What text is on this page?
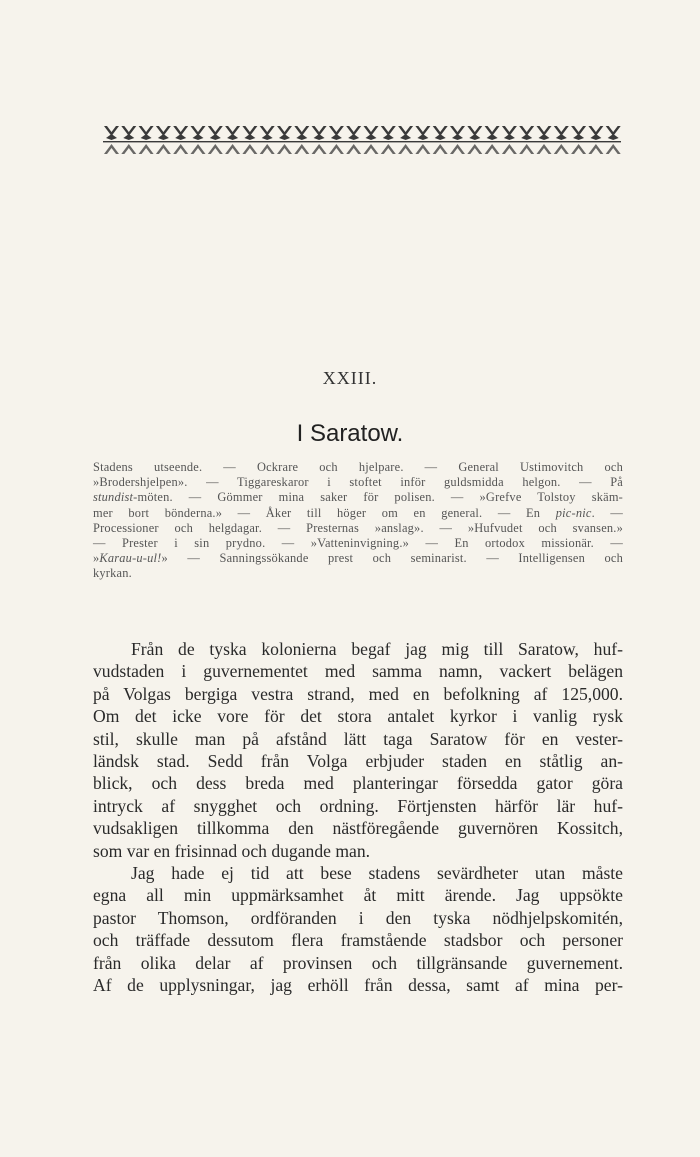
XXIII.
I Saratow.
Stadens utseende. — Ockrare och hjelpare. — General Ustimovitch och
»Brodershjelpen». — Tiggareskaror i stoftet inför guldsmidda helgon. — På
stundist-möten. — Gömmer mina saker för polisen. — »Grefve Tolstoy skäm-
mer bort bönderna.» — Åker till höger om en general. — En pic-nic. —
Processioner och helgdagar. — Presternas »anslag». — »Hufvudet och svansen.»
— Prester i sin prydno. — »Vatteninvigning.» — En ortodox missionär. —
»Karau-u-ul!» — Sanningssökande prest och seminarist. — Intelligensen och
kyrkan.
Från de tyska kolonierna begaf jag mig till Saratow, huf-
vudstaden i guvernementet med samma namn, vackert belägen
på Volgas bergiga vestra strand, med en befolkning af 125,000.
Om det icke vore för det stora antalet kyrkor i vanlig rysk
stil, skulle man på afstånd lätt taga Saratow för en vester-
ländsk stad. Sedd från Volga erbjuder staden en ståtlig an-
blick, och dess breda med planteringar försedda gator göra
intryck af snygghet och ordning. Förtjensten härför lär huf-
vudsakligen tillkomma den nästföregående guvernören Kossitch,
som var en frisinnad och dugande man.
Jag hade ej tid att bese stadens sevärdheter utan måste
egna all min uppmärksamhet åt mitt ärende. Jag uppsökte
pastor Thomson, ordföranden i den tyska nödhjelpskomitén,
och träffade dessutom flera framstående stadsbor och personer
från olika delar af provinsen och tillgränsande guvernement.
Af de upplysningar, jag erhöll från dessa, samt af mina per-
